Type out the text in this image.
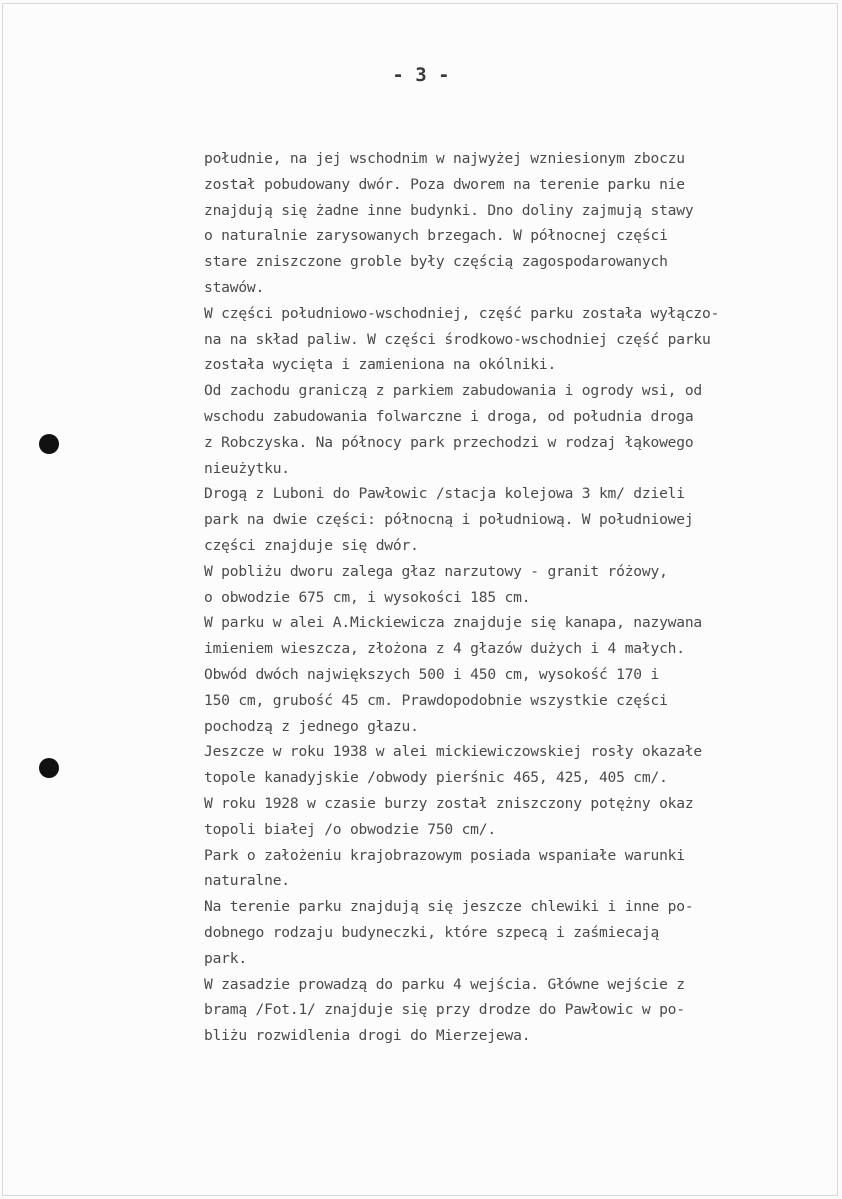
- 3 -
południe, na jej wschodnim w najwyżej wzniesionym zboczu
został pobudowany dwór. Poza dworem na terenie parku nie
znajdują się żadne inne budynki. Dno doliny zajmują stawy
o naturalnie zarysowanych brzegach. W północnej części
stare zniszczone groble były częścią zagospodarowanych
stawów.
W części południowo-wschodniej, część parku została wyłączo-
na na skład paliw. W części środkowo-wschodniej część parku
została wycięta i zamieniona na okólniki.
Od zachodu graniczą z parkiem zabudowania i ogrody wsi, od
wschodu zabudowania folwarczne i droga, od południa droga
z Robczyska. Na północy park przechodzi w rodzaj łąkowego
nieużytku.
Drogą z Luboni do Pawłowic /stacja kolejowa 3 km/ dzieli
park na dwie części: północną i południową. W południowej
części znajduje się dwór.
W pobliżu dworu zalega głaz narzutowy - granit różowy,
o obwodzie 675 cm, i wysokości 185 cm.
W parku w alei A.Mickiewicza znajduje się kanapa, nazywana
imieniem wieszcza, złożona z 4 głazów dużych i 4 małych.
Obwód dwóch największych 500 i 450 cm, wysokość 170 i
150 cm, grubość 45 cm. Prawdopodobnie wszystkie części
pochodzą z jednego głazu.
Jeszcze w roku 1938 w alei mickiewiczowskiej rosły okazałe
topole kanadyjskie /obwody pierśnic 465, 425, 405 cm/.
W roku 1928 w czasie burzy został zniszczony potężny okaz
topoli białej /o obwodzie 750 cm/.
Park o założeniu krajobrazowym posiada wspaniałe warunki
naturalne.
Na terenie parku znajdują się jeszcze chlewiki i inne po-
dobnego rodzaju budyneczki, które szpecą i zaśmiecają
park.
W zasadzie prowadzą do parku 4 wejścia. Główne wejście z
bramą /Fot.1/ znajduje się przy drodze do Pawłowic w po-
bliżu rozwidlenia drogi do Mierzejewa.
